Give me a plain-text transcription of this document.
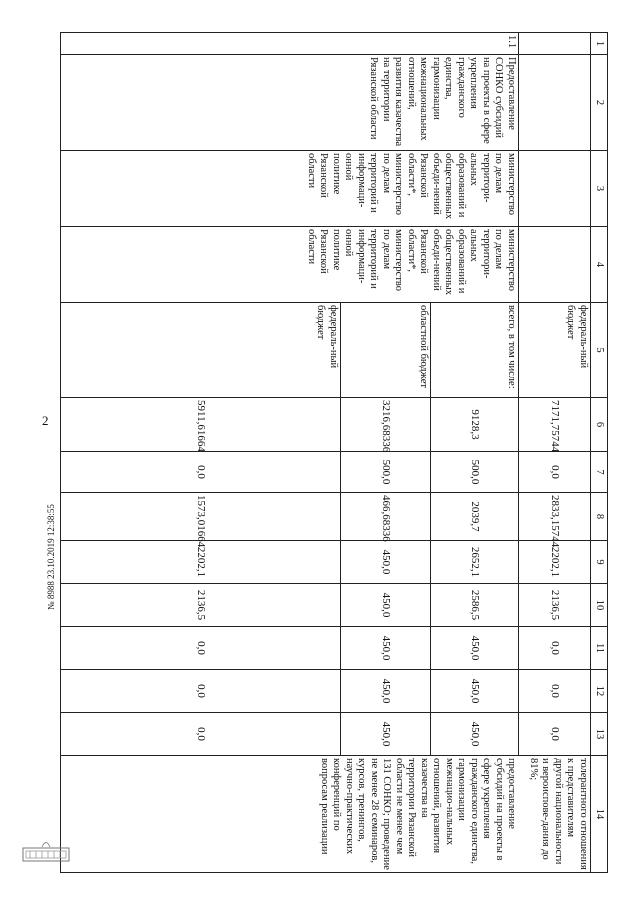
2
1	2	3	4	5	6	7	8	9	10	11	12	13	14
				федераль-ный бюджет	7171,75744	0,0	2833,15744	2202,1	2136,5	0,0	0,0	0,0	толерантного отношения к представителям другой национальности и вероиспове-дания до 81%;
1.1	Предоставление СОНКО субсидий на проекты в сфере укрепления гражданского единства, гармонизации межнациональных отношений, развития казачества на территории Рязанской области	министерство по делам территори-альных образований и общественных объеди-нений Рязанской области*, министерство по делам территорий и информаци-онной политике Рязанской области	министерство по делам территори-альных образований и общественных объеди-нений Рязанской области*, министерство по делам территорий и информаци-онной политике Рязанской области	всего, в том числе:	9128,3	500,0	2039,7	2652,1	2586,5	450,0	450,0	450,0	предоставление субсидий на проекты в сфере укрепления гражданского единства, гармонизации межнацио-нальных отношений, развития казачества на территории Рязанской области не менее чем 131 СОНКО; проведение не менее 28 семинаров, курсов, тренингов, научно-практических конференций по вопросам реализации
				областной бюджет	3216,68336	500,0	466,68336	450,0	450,0	450,0	450,0	450,0	
				федераль-ный бюджет	5911,61664	0,0	1573,01664	2202,1	2136,5	0,0	0,0	0,0	
№ 8988 23.10.2019 12:38:55
